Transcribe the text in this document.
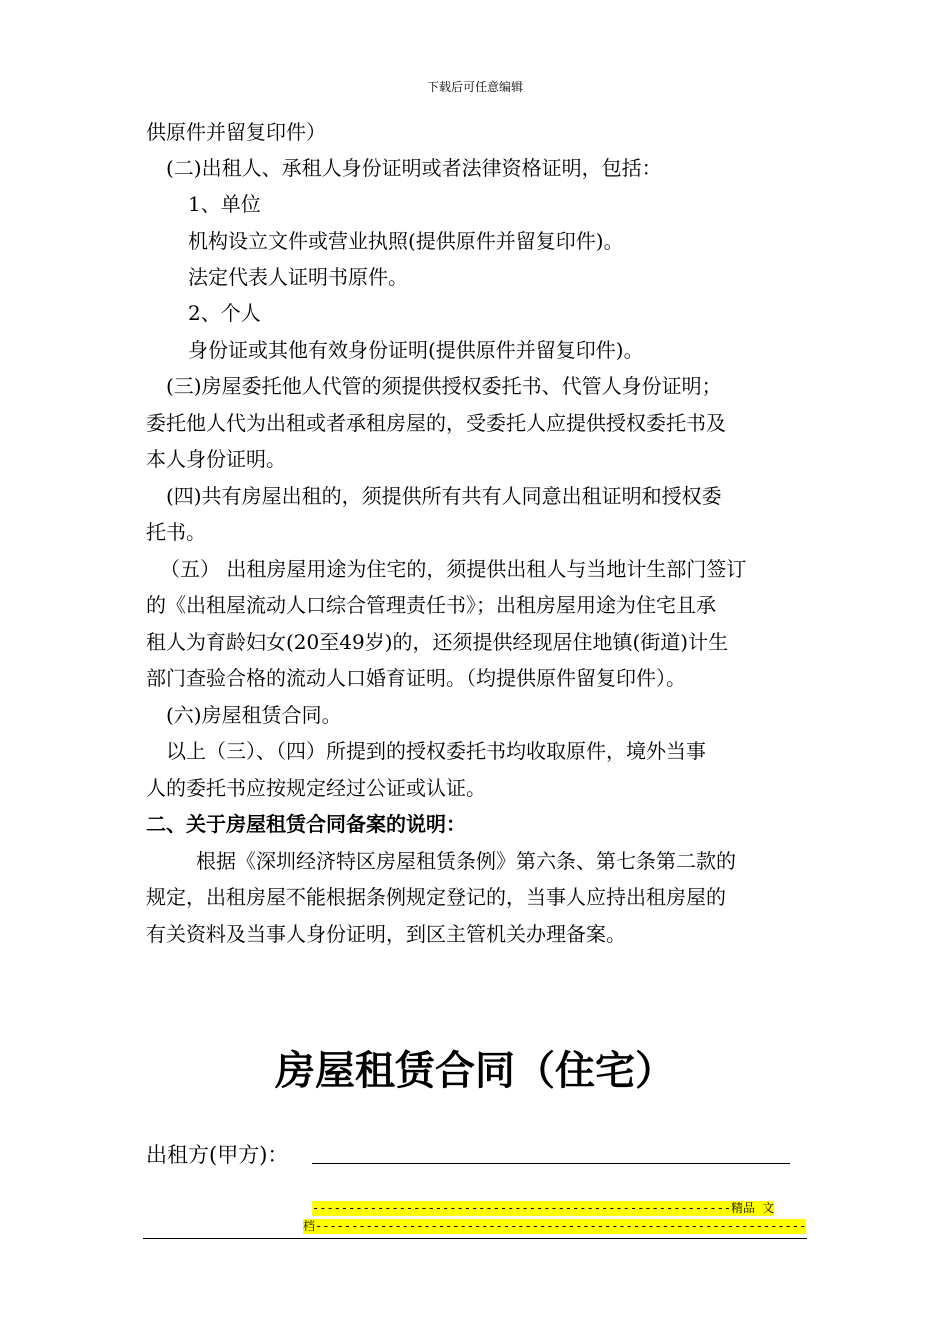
下载后可任意编辑
供原件并留复印件）
(二)出租人、承租人身份证明或者法律资格证明，包括：
1、单位
机构设立文件或营业执照(提供原件并留复印件)。
法定代表人证明书原件。
2、个人
身份证或其他有效身份证明(提供原件并留复印件)。
(三)房屋委托他人代管的须提供授权委托书、代管人身份证明；
委托他人代为出租或者承租房屋的，受委托人应提供授权委托书及
本人身份证明。
(四)共有房屋出租的，须提供所有共有人同意出租证明和授权委
托书。
（五） 出租房屋用途为住宅的，须提供出租人与当地计生部门签订
的《出租屋流动人口综合管理责任书》；出租房屋用途为住宅且承
租人为育龄妇女(20至49岁)的，还须提供经现居住地镇(街道)计生
部门查验合格的流动人口婚育证明。（均提供原件留复印件）。
(六)房屋租赁合同。
以上（三）、（四）所提到的授权委托书均收取原件，境外当事
人的委托书应按规定经过公证或认证。
二、关于房屋租赁合同备案的说明：
根据《深圳经济特区房屋租赁条例》第六条、第七条第二款的
规定，出租房屋不能根据条例规定登记的，当事人应持出租房屋的
有关资料及当事人身份证明，到区主管机关办理备案。
房屋租赁合同（住宅）
出租方(甲方)：
----------------------------------------------------------精品 文
档--------------------------------------------------------------------
